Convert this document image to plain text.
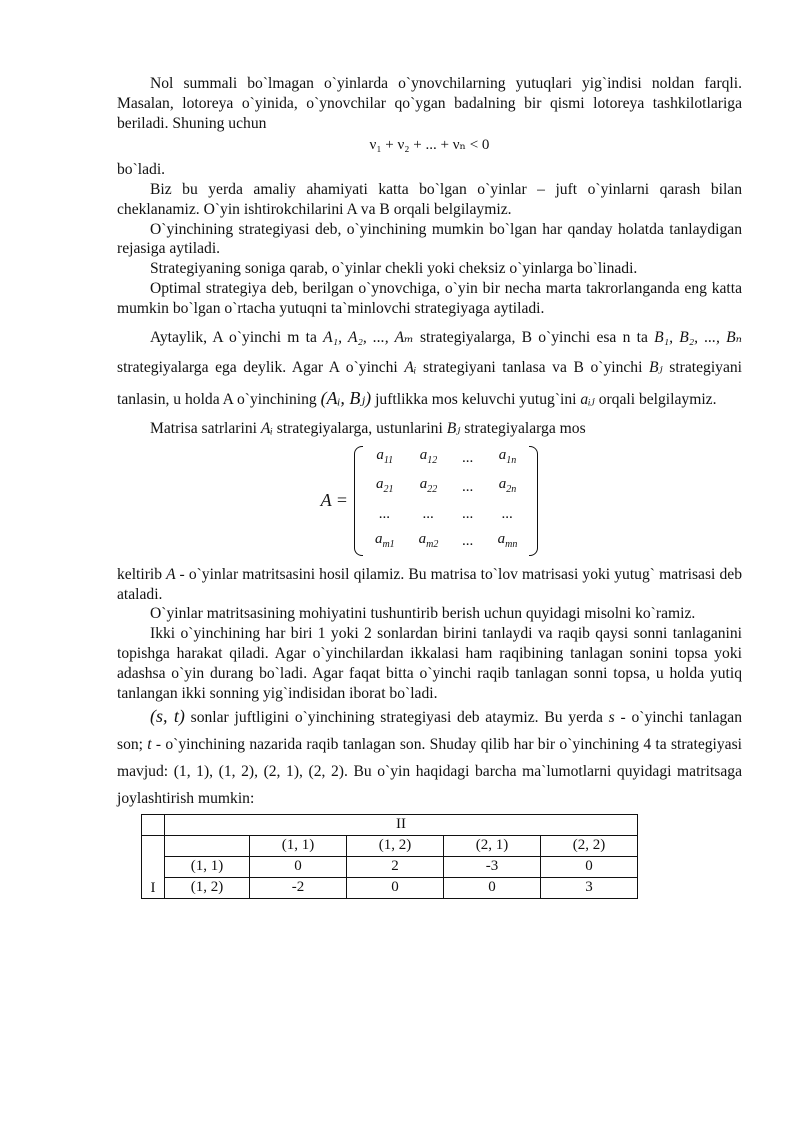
Nol summali bo`lmagan o`yinlarda o`ynovchilarning yutuqlari yig`indisi noldan farqli. Masalan, lotoreya o`yinida, o`ynovchilar qo`ygan badalning bir qismi lotoreya tashkilotlariga beriladi. Shuning uchun

ν₁ + ν₂ + ... + νₙ < 0

bo`ladi.

Biz bu yerda amaliy ahamiyati katta bo`lgan o`yinlar – juft o`yinlarni qarash bilan cheklanamiz. O`yin ishtirokchilarini A va B orqali belgilaymiz.

O`yinchining strategiyasi deb, o`yinchining mumkin bo`lgan har qanday holatda tanlaydigan rejasiga aytiladi.

Strategiyaning soniga qarab, o`yinlar chekli yoki cheksiz o`yinlarga bo`linadi.

Optimal strategiya deb, berilgan o`ynovchiga, o`yin bir necha marta takrorlanganda eng katta mumkin bo`lgan o`rtacha yutuqni ta`minlovchi strategiyaga aytiladi.

Aytaylik, A o`yinchi m ta A₁, A₂, ..., Aₘ strategiyalarga, B o`yinchi esa n ta B₁, B₂, ..., Bₙ strategiyalarga ega deylik. Agar A o`yinchi Aᵢ strategiyani tanlasa va B o`yinchi Bⱼ strategiyani tanlasin, u holda A o`yinchining (Aᵢ, Bⱼ) juftlikka mos keluvchi yutug`ini aᵢⱼ orqali belgilaymiz.

Matrisa satrlarini Aᵢ strategiyalarga, ustunlarini Bⱼ strategiyalarga mos

A =
$a_{11}$	$a_{12}$	...	$a_{1n}$
$a_{21}$	$a_{22}$	...	$a_{2n}$
...	...	...	...
$a_{m1}$	$a_{m2}$	...	$a_{mn}$

keltirib A - o`yinlar matritsasini hosil qilamiz. Bu matrisa to`lov matrisasi yoki yutug` matrisasi deb ataladi.

O`yinlar matritsasining mohiyatini tushuntirib berish uchun quyidagi misolni ko`ramiz.

Ikki o`yinchining har biri 1 yoki 2 sonlardan birini tanlaydi va raqib qaysi sonni tanlaganini topishga harakat qiladi. Agar o`yinchilardan ikkalasi ham raqibining tanlagan sonini topsa yoki adashsa o`yin durang bo`ladi. Agar faqat bitta o`yinchi raqib tanlagan sonni topsa, u holda yutiq tanlangan ikki sonning yig`indisidan iborat bo`ladi.

(s, t) sonlar juftligini o`yinchining strategiyasi deb ataymiz. Bu yerda s - o`yinchi tanlagan son; t - o`yinchining nazarida raqib tanlagan son. Shuday qilib har bir o`yinchining 4 ta strategiyasi mavjud: (1, 1), (1, 2), (2, 1), (2, 2). Bu o`yin haqidagi barcha ma`lumotlarni quyidagi matritsaga joylashtirish mumkin:

	II				
I		(1, 1)	(1, 2)	(2, 1)	(2, 2)
	(1, 1)	0	2	-3	0
	(1, 2)	-2	0	0	3
